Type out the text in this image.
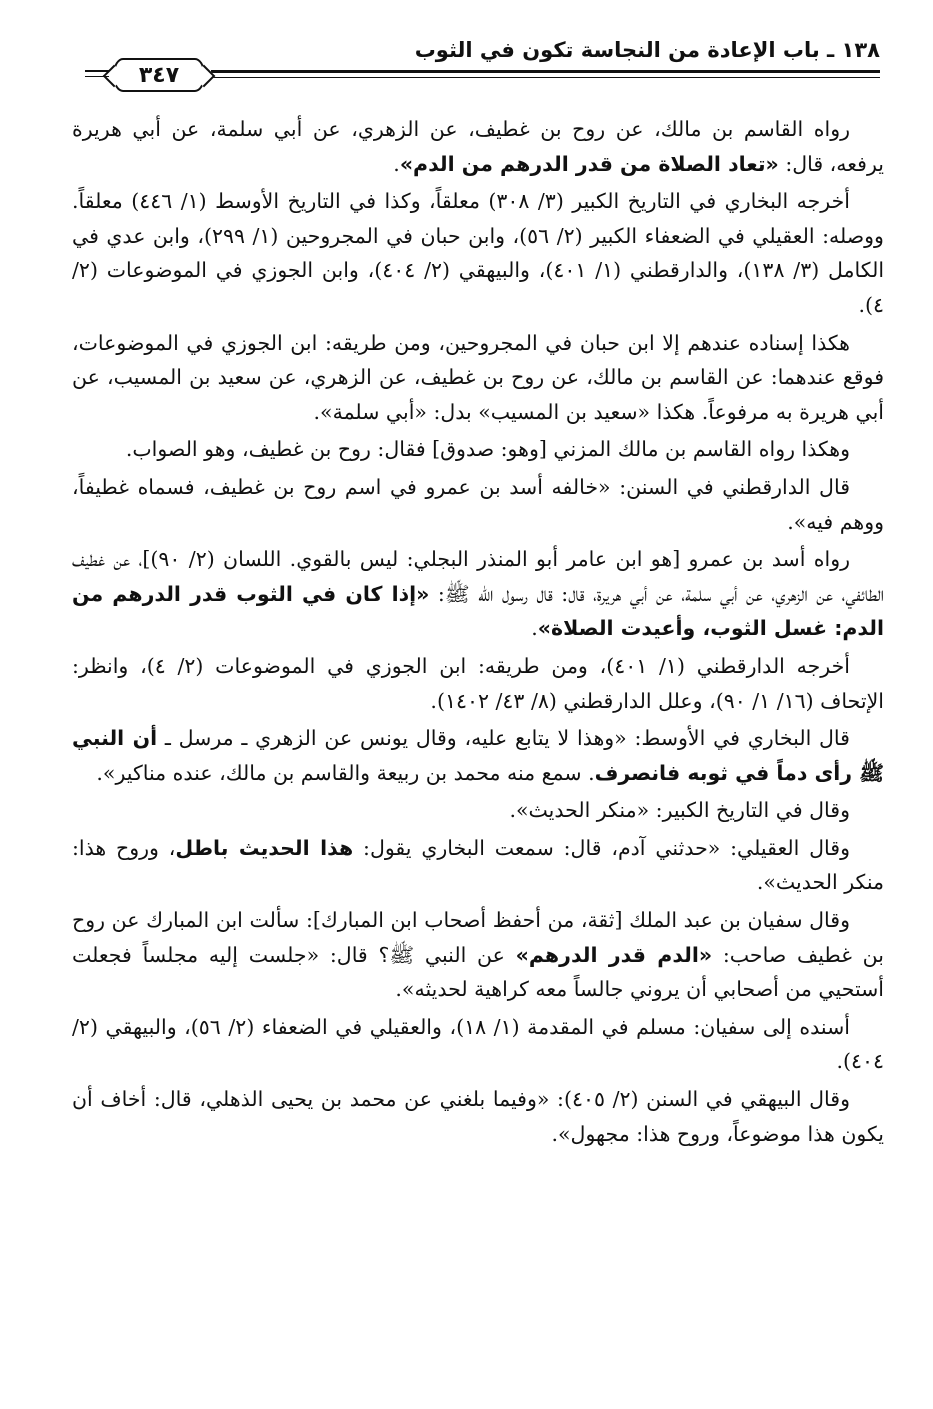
١٣٨ ـ باب الإعادة من النجاسة تكون في الثوب
٣٤٧

رواه القاسم بن مالك، عن روح بن غطيف، عن الزهري، عن أبي سلمة، عن أبي هريرة يرفعه، قال: «تعاد الصلاة من قدر الدرهم من الدم».

أخرجه البخاري في التاريخ الكبير (٣/ ٣٠٨) معلقاً، وكذا في التاريخ الأوسط (١/ ٤٤٦) معلقاً. ووصله: العقيلي في الضعفاء الكبير (٢/ ٥٦)، وابن حبان في المجروحين (١/ ٢٩٩)، وابن عدي في الكامل (٣/ ١٣٨)، والدارقطني (١/ ٤٠١)، والبيهقي (٢/ ٤٠٤)، وابن الجوزي في الموضوعات (٢/ ٤).

هكذا إسناده عندهم إلا ابن حبان في المجروحين، ومن طريقه: ابن الجوزي في الموضوعات، فوقع عندهما: عن القاسم بن مالك، عن روح بن غطيف، عن الزهري، عن سعيد بن المسيب، عن أبي هريرة به مرفوعاً. هكذا «سعيد بن المسيب» بدل: «أبي سلمة».

وهكذا رواه القاسم بن مالك المزني [وهو: صدوق] فقال: روح بن غطيف، وهو الصواب.

قال الدارقطني في السنن: «خالفه أسد بن عمرو في اسم روح بن غطيف، فسماه غطيفاً، ووهم فيه».

رواه أسد بن عمرو [هو ابن عامر أبو المنذر البجلي: ليس بالقوي. اللسان (٢/ ٩٠)]، عن غطيف الطائفي، عن الزهري، عن أبي سلمة، عن أبي هريرة، قال: قال رسول الله ﷺ: «إذا كان في الثوب قدر الدرهم من الدم: غسل الثوب، وأعيدت الصلاة».

أخرجه الدارقطني (١/ ٤٠١)، ومن طريقه: ابن الجوزي في الموضوعات (٢/ ٤)، وانظر: الإتحاف (١٦/ ١/ ٩٠)، وعلل الدارقطني (٨/ ٤٣/ ١٤٠٢).

قال البخاري في الأوسط: «وهذا لا يتابع عليه، وقال يونس عن الزهري ـ مرسل ـ أن النبي ﷺ رأى دماً في ثوبه فانصرف. سمع منه محمد بن ربيعة والقاسم بن مالك، عنده مناكير».

وقال في التاريخ الكبير: «منكر الحديث».

وقال العقيلي: «حدثني آدم، قال: سمعت البخاري يقول: هذا الحديث باطل، وروح هذا: منكر الحديث».

وقال سفيان بن عبد الملك [ثقة، من أحفظ أصحاب ابن المبارك]: سألت ابن المبارك عن روح بن غطيف صاحب: «الدم قدر الدرهم» عن النبي ﷺ؟ قال: «جلست إليه مجلساً فجعلت أستحيي من أصحابي أن يروني جالساً معه كراهية لحديثه».

أسنده إلى سفيان: مسلم في المقدمة (١/ ١٨)، والعقيلي في الضعفاء (٢/ ٥٦)، والبيهقي (٢/ ٤٠٤).

وقال البيهقي في السنن (٢/ ٤٠٥): «وفيما بلغني عن محمد بن يحيى الذهلي، قال: أخاف أن يكون هذا موضوعاً، وروح هذا: مجهول».
